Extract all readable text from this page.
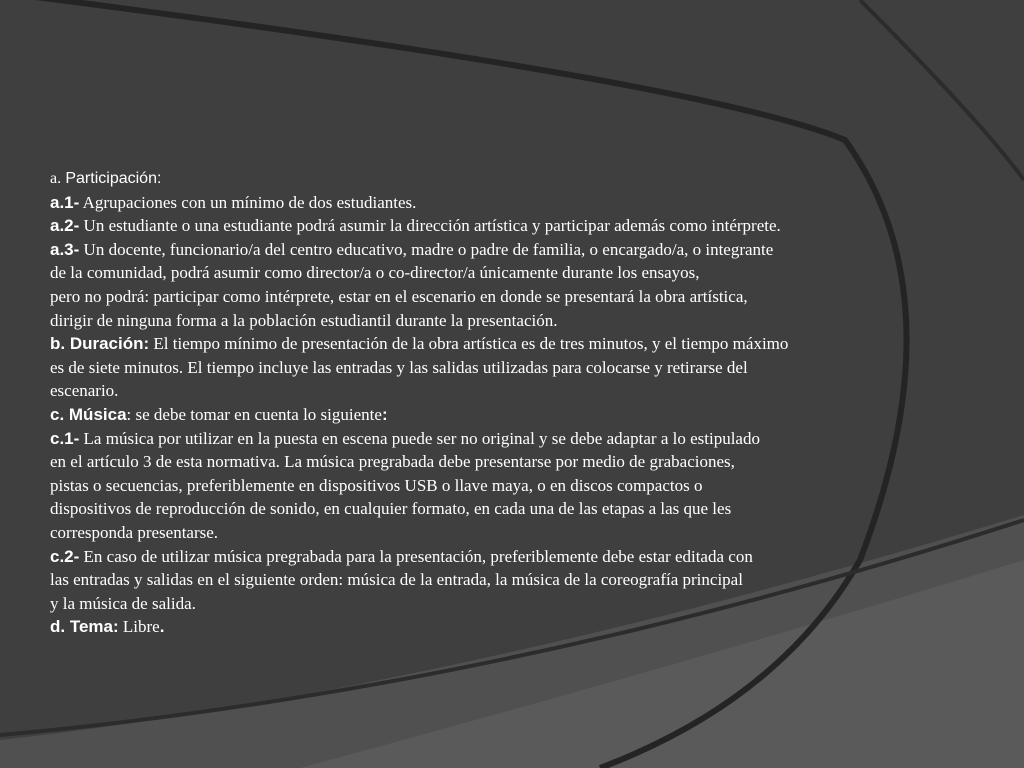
a. Participación:
a.1- Agrupaciones con un mínimo de dos estudiantes.
a.2- Un estudiante o una estudiante podrá asumir la dirección artística y participar además como intérprete.
a.3- Un docente, funcionario/a del centro educativo, madre o padre de familia, o encargado/a, o integrante
de la comunidad, podrá asumir como director/a o co-director/a únicamente durante los ensayos,
pero no podrá: participar como intérprete, estar en el escenario en donde se presentará la obra artística,
dirigir de ninguna forma a la población estudiantil durante la presentación.
b. Duración: El tiempo mínimo de presentación de la obra artística es de tres minutos, y el tiempo máximo
es de siete minutos. El tiempo incluye las entradas y las salidas utilizadas para colocarse y retirarse del
escenario.
c. Música: se debe tomar en cuenta lo siguiente:
c.1- La música por utilizar en la puesta en escena puede ser no original y se debe adaptar a lo estipulado
en el artículo 3 de esta normativa. La música pregrabada debe presentarse por medio de grabaciones,
pistas o secuencias, preferiblemente en dispositivos USB o llave maya, o en discos compactos o
dispositivos de reproducción de sonido, en cualquier formato, en cada una de las etapas a las que les
corresponda presentarse.
c.2- En caso de utilizar música pregrabada para la presentación, preferiblemente debe estar editada con
las entradas y salidas en el siguiente orden: música de la entrada, la música de la coreografía principal
y la música de salida.
d. Tema: Libre.
